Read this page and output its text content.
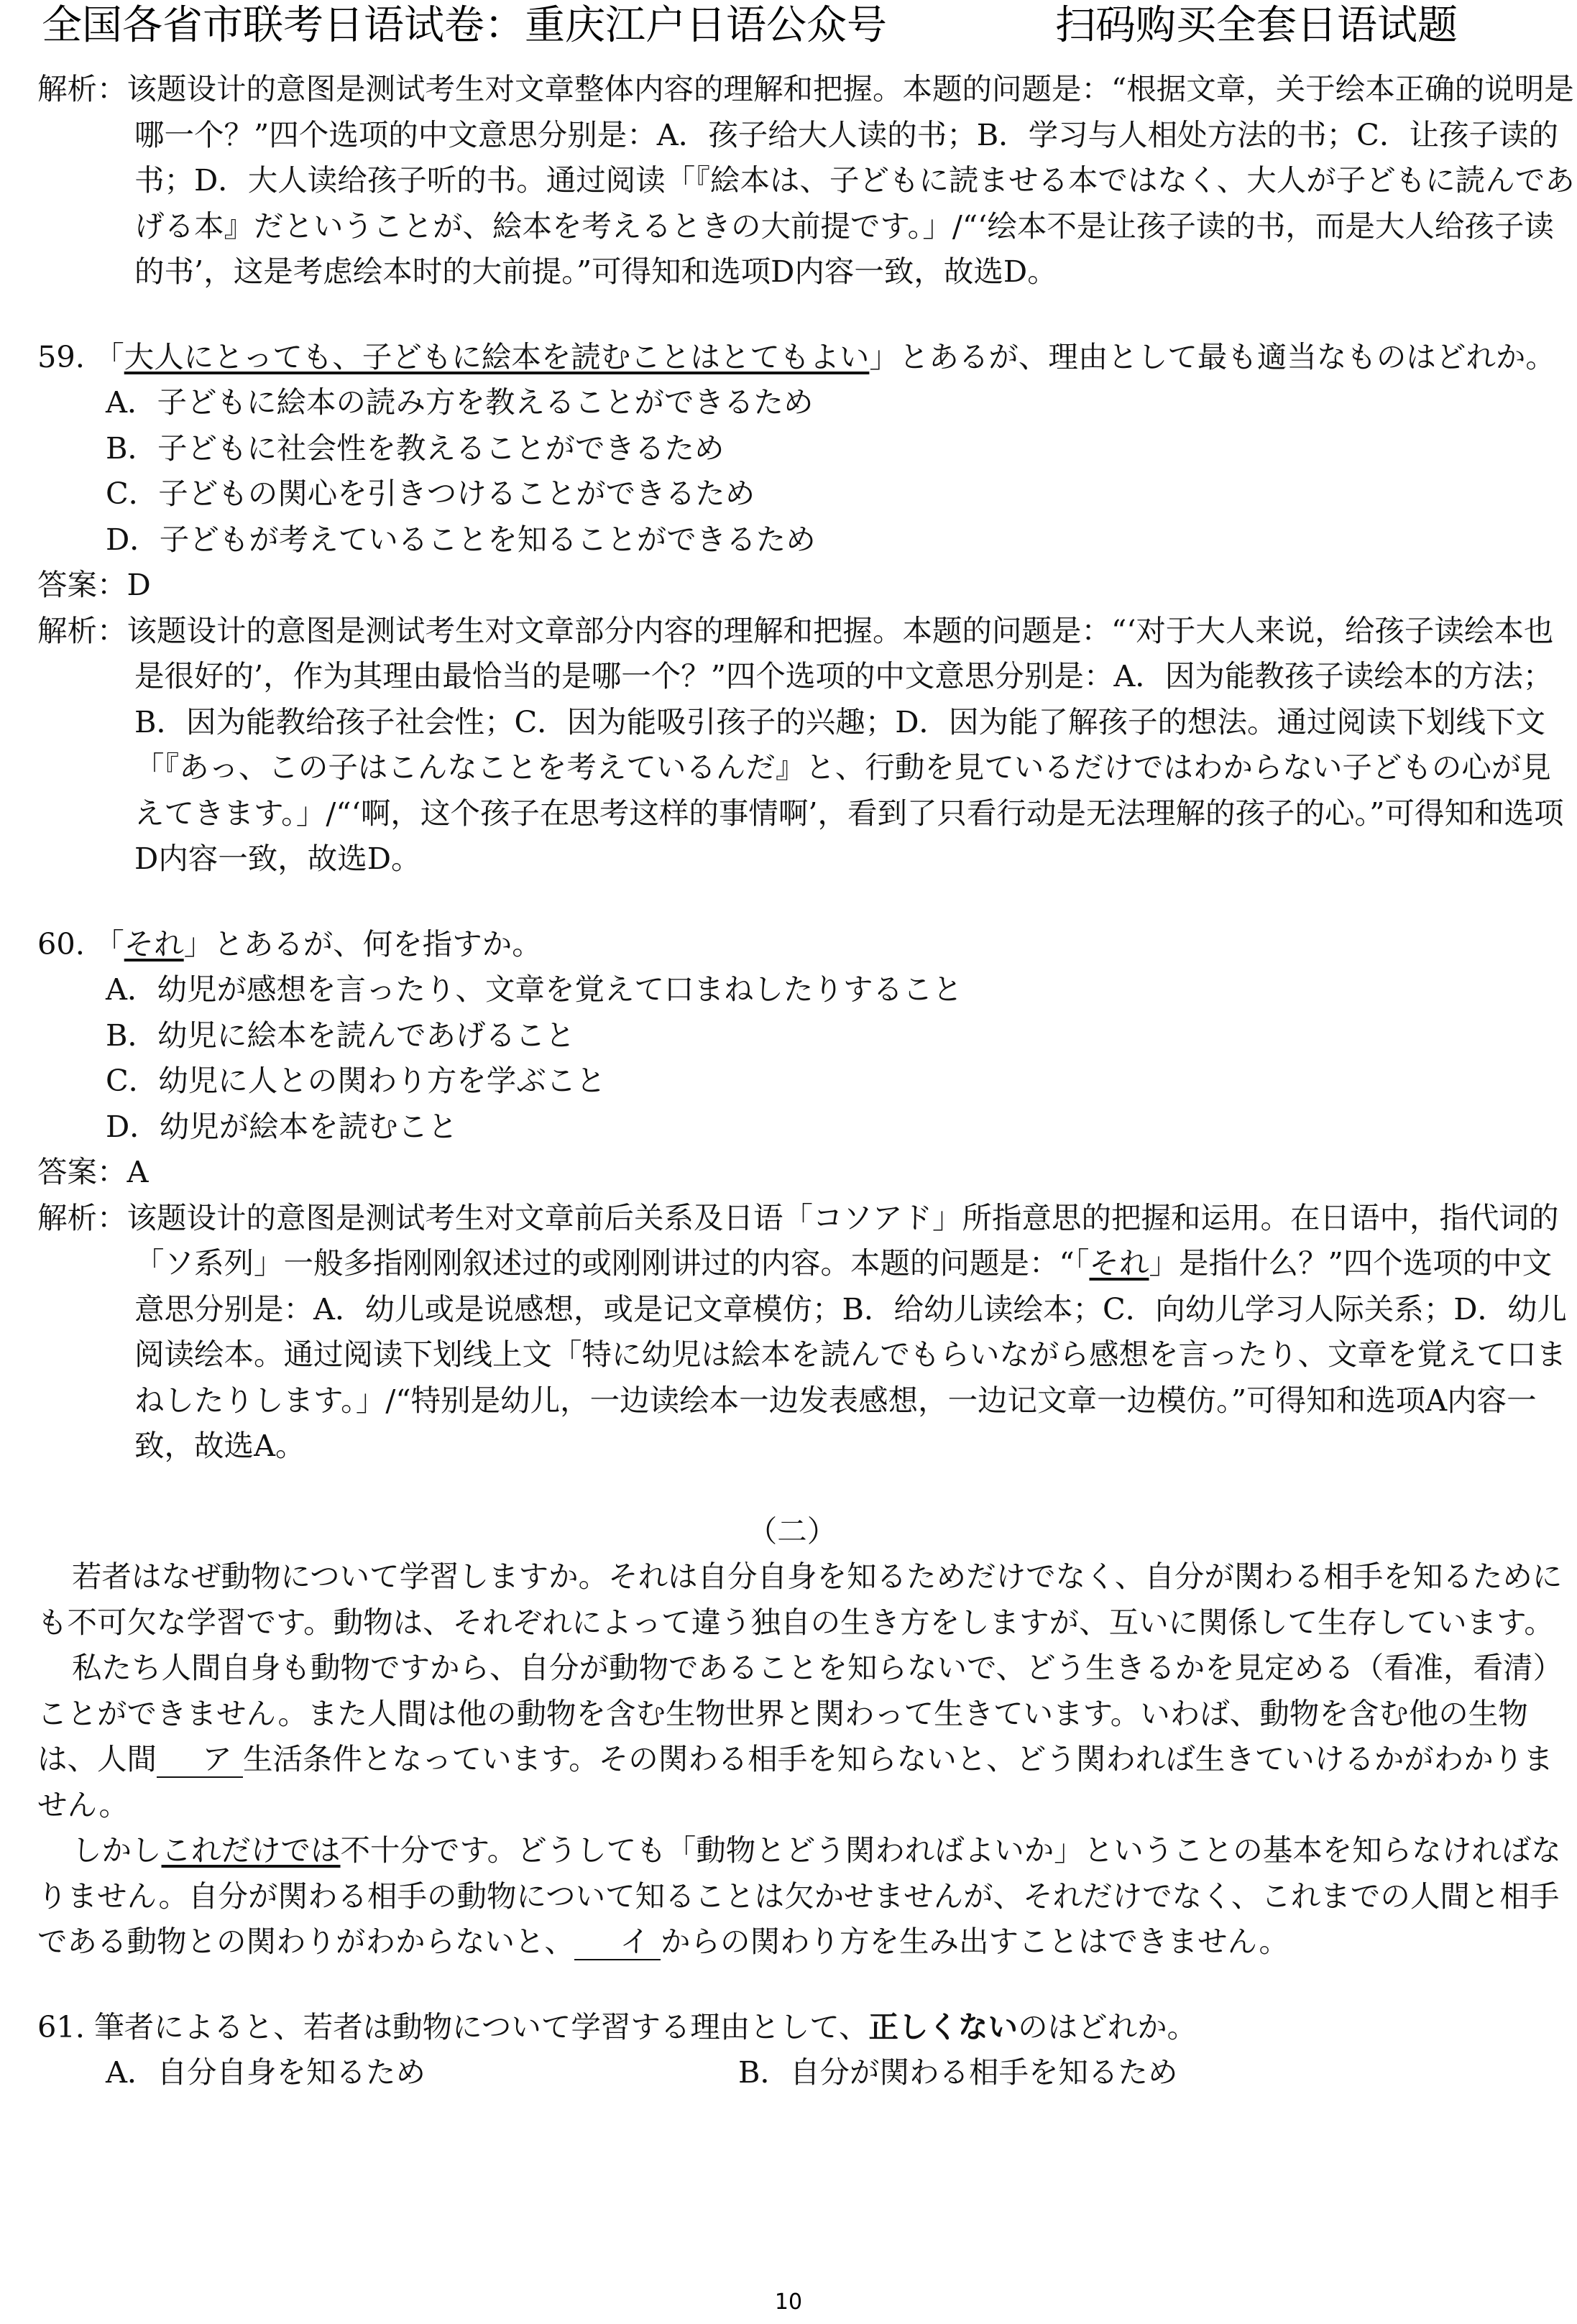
全国各省市联考日语试卷：重庆江户日语公众号	扫码购买全套日语试题

解析：该题设计的意图是测试考生对文章整体内容的理解和把握。本题的问题是：“根据文章，关于绘本正确的说明是哪一个？”四个选项的中文意思分别是：A．孩子给大人读的书；B．学习与人相处方法的书；C．让孩子读的书；D．大人读给孩子听的书。通过阅读「『絵本は、子どもに読ませる本ではなく、大人が子どもに読んであげる本』だということが、絵本を考えるときの大前提です。」/“‘绘本不是让孩子读的书，而是大人给孩子读的书’，这是考虑绘本时的大前提。”可得知和选项D内容一致，故选D。

59. 「大人にとっても、子どもに絵本を読むことはとてもよい」とあるが、理由として最も適当なものはどれか。

A．子どもに絵本の読み方を教えることができるため

B．子どもに社会性を教えることができるため

C．子どもの関心を引きつけることができるため

D．子どもが考えていることを知ることができるため

答案：D

解析：该题设计的意图是测试考生对文章部分内容的理解和把握。本题的问题是：“‘对于大人来说，给孩子读绘本也是很好的’，作为其理由最恰当的是哪一个？”四个选项的中文意思分别是：A．因为能教孩子读绘本的方法；B．因为能教给孩子社会性；C．因为能吸引孩子的兴趣；D．因为能了解孩子的想法。通过阅读下划线下文「『あっ、この子はこんなことを考えているんだ』と、行動を見ているだけではわからない子どもの心が見えてきます。」/“‘啊，这个孩子在思考这样的事情啊’，看到了只看行动是无法理解的孩子的心。”可得知和选项D内容一致，故选D。

60. 「それ」とあるが、何を指すか。

A．幼児が感想を言ったり、文章を覚えて口まねしたりすること

B．幼児に絵本を読んであげること

C．幼児に人との関わり方を学ぶこと

D．幼児が絵本を読むこと

答案：A

解析：该题设计的意图是测试考生对文章前后关系及日语「コソアド」所指意思的把握和运用。在日语中，指代词的「ソ系列」一般多指刚刚叙述过的或刚刚讲过的内容。本题的问题是：“「それ」是指什么？”四个选项的中文意思分别是：A．幼儿或是说感想，或是记文章模仿；B．给幼儿读绘本；C．向幼儿学习人际关系；D．幼儿阅读绘本。通过阅读下划线上文「特に幼児は絵本を読んでもらいながら感想を言ったり、文章を覚えて口まねしたりします。」/“特别是幼儿，一边读绘本一边发表感想，一边记文章一边模仿。”可得知和选项A内容一致，故选A。

（二）

若者はなぜ動物について学習しますか。それは自分自身を知るためだけでなく、自分が関わる相手を知るためにも不可欠な学習です。動物は、それぞれによって違う独自の生き方をしますが、互いに関係して生存しています。

私たち人間自身も動物ですから、自分が動物であることを知らないで、どう生きるかを見定める（看准，看清）ことができません。また人間は他の動物を含む生物世界と関わって生きています。いわば、動物を含む他の生物は、人間 ア 生活条件となっています。その関わる相手を知らないと、どう関われば生きていけるかがわかりません。

しかしこれだけでは不十分です。どうしても「動物とどう関わればよいか」ということの基本を知らなければなりません。自分が関わる相手の動物について知ることは欠かせませんが、それだけでなく、これまでの人間と相手である動物との関わりがわからないと、 イ からの関わり方を生み出すことはできません。

61. 筆者によると、若者は動物について学習する理由として、正しくないのはどれか。

A．自分自身を知るため	B．自分が関わる相手を知るため
10
